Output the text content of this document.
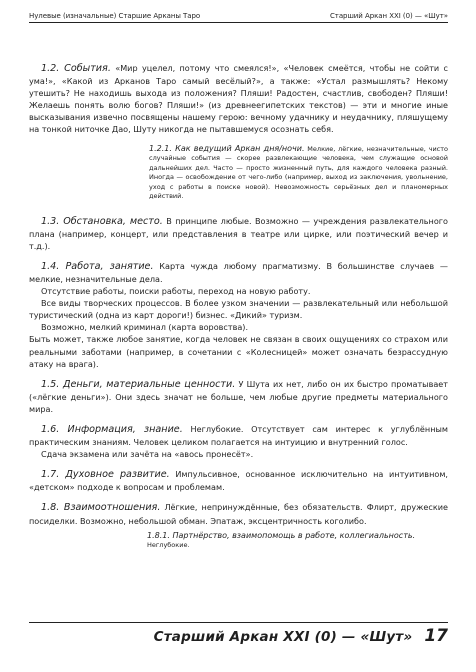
Нулевые (изначальные) Старшие Арканы Таро	Старший Аркан XXI (0) — «Шут»

1.2. События. «Мир уцелел, потому что смеялся!», «Человек смеётся, чтобы не сойти с ума!», «Какой из Арканов Таро самый весёлый?», а также: «Устал размышлять? Некому утешить? Не находишь выхода из положения? Пляши! Радостен, счастлив, свободен? Пляши! Желаешь понять волю богов? Пляши!» (из древнеегипетских текстов) — эти и многие иные высказывания извечно посвящены нашему герою: вечному удачнику и неудачнику, пляшущему на тонкой ниточке Дао, Шуту никогда не пытавшемуся осознать себя.

1.2.1. Как ведущий Аркан дня/ночи. Мелкие, лёгкие, незначительные, чисто случайные события — скорее развлекающие человека, чем служащие основой дальнейших дел. Часто — просто жизненный путь, для каждого человека разный. Иногда — освобождение от чего-либо (например, выход из заключения, увольнение, уход с работы в поиске новой). Невозможность серьёзных дел и планомерных действий.

1.3. Обстановка, место. В принципе любые. Возможно — учреждения развлекательного плана (например, концерт, или представления в театре или цирке, или поэтический вечер и т.д.).

1.4. Работа, занятие. Карта чужда любому прагматизму. В большинстве случаев — мелкие, незначительные дела.

Отсутствие работы, поиски работы, переход на новую работу.

Все виды творческих процессов. В более узком значении — развлекательный или небольшой туристический (одна из карт дороги!) бизнес. «Дикий» туризм.

Возможно, мелкий криминал (карта воровства).

Быть может, также любое занятие, когда человек не связан в своих ощущениях со страхом или реальными заботами (например, в сочетании с «Колесницей» может означать безрассудную атаку на врага).

1.5. Деньги, материальные ценности. У Шута их нет, либо он их быстро проматывает («лёгкие деньги»). Они здесь значат не больше, чем любые другие предметы материального мира.

1.6. Информация, знание. Неглубокие. Отсутствует сам интерес к углублённым практическим знаниям. Человек целиком полагается на интуицию и внутренний голос.

Сдача экзамена или зачёта на «авось пронесёт».

1.7. Духовное развитие. Импульсивное, основанное исключительно на интуитивном, «детском» подходе к вопросам и проблемам.

1.8. Взаимоотношения. Лёгкие, непринуждённые, без обязательств. Флирт, дружеские посиделки. Возможно, небольшой обман. Эпатаж, эксцентричность коголибо.

1.8.1. Партнёрство, взаимопомощь в работе, коллегиальность. Неглубокие.
Старший Аркан XXI (0) — «Шут» 17
